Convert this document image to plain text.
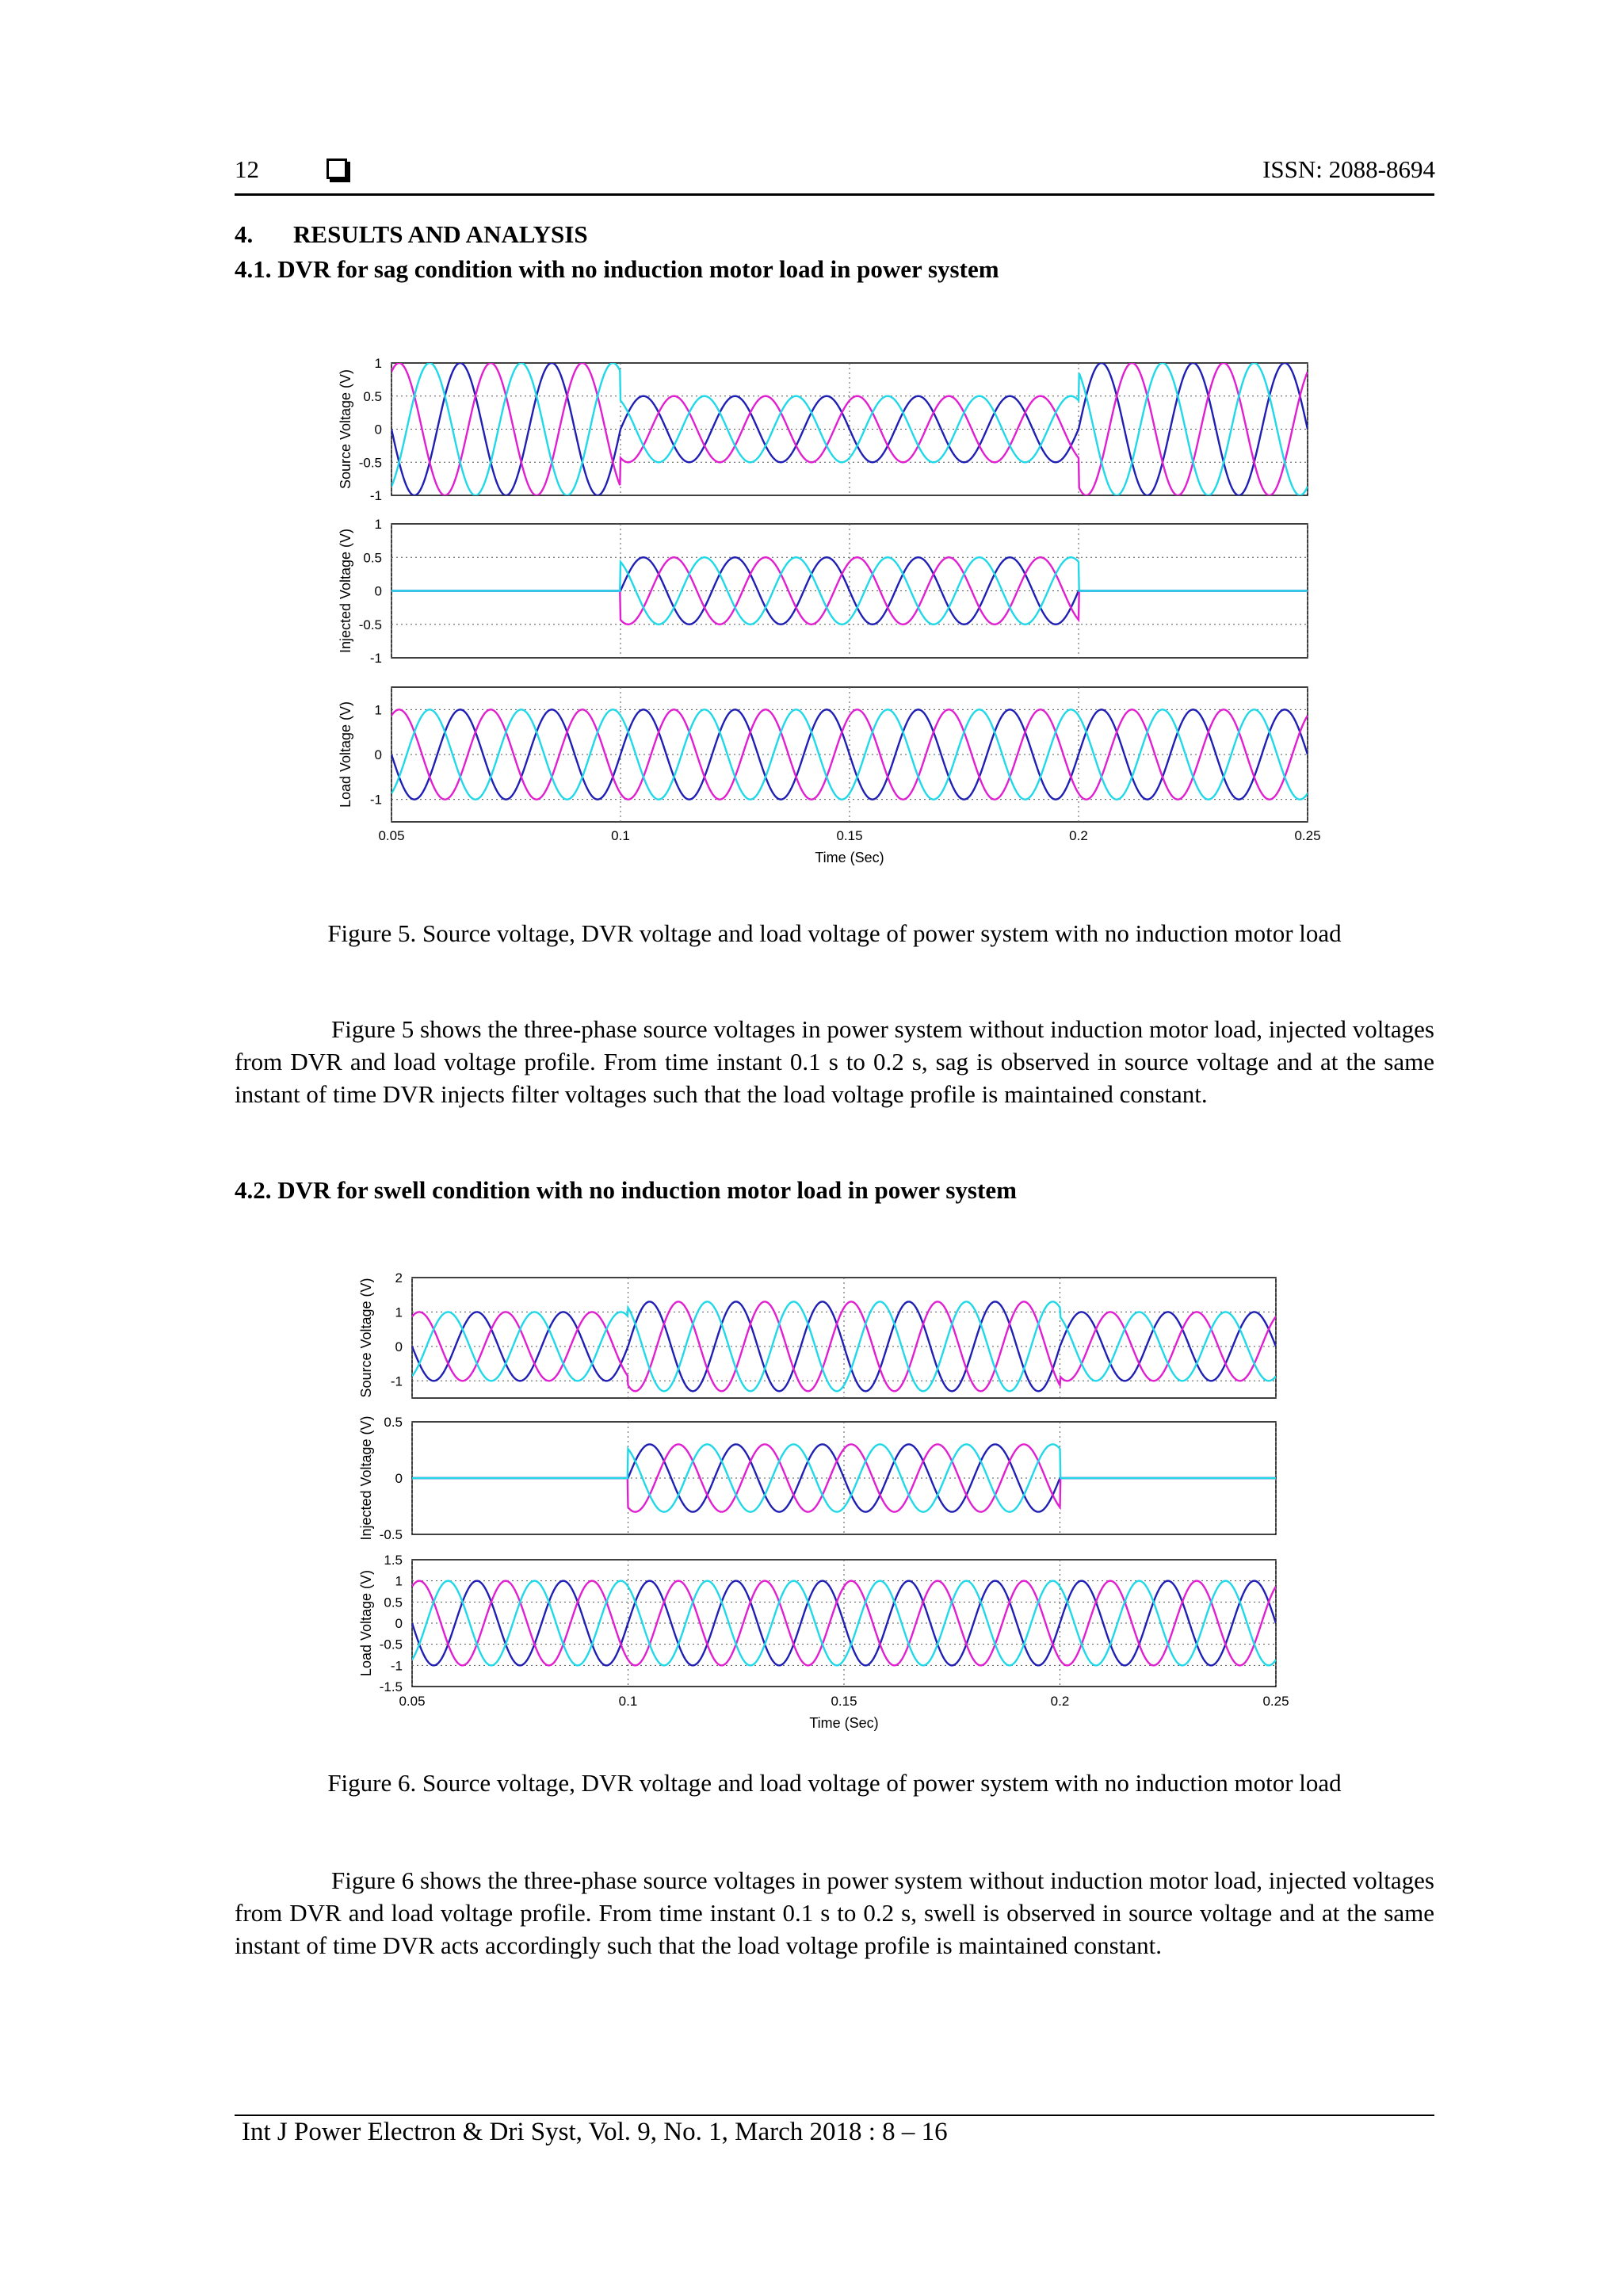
12	ISSN: 2088-8694
4. RESULTS AND ANALYSIS
4.1. DVR for sag condition with no induction motor load in power system
1
0.5
0
-0.5
-1
Source Voltage (V)
1
0.5
0
-0.5
-1
Injected Voltage (V)
1
0
-1
Load Voltage (V)
0.05	0.1	0.15	0.2	0.25
Time (Sec)
Figure 5. Source voltage, DVR voltage and load voltage of power system with no induction motor load

Figure 5 shows the three-phase source voltages in power system without induction motor load, injected voltages from DVR and load voltage profile. From time instant 0.1 s to 0.2 s, sag is observed in source voltage and at the same instant of time DVR injects filter voltages such that the load voltage profile is maintained constant.

4.2. DVR for swell condition with no induction motor load in power system
2
1
0
-1
Source Voltage (V)
0.5
0
-0.5
Injected Voltage (V)
1.5
1
0.5
0
-0.5
-1
-1.5
Load Voltage (V)
0.05	0.1	0.15	0.2	0.25
Time (Sec)
Figure 6. Source voltage, DVR voltage and load voltage of power system with no induction motor load

Figure 6 shows the three-phase source voltages in power system without induction motor load, injected voltages from DVR and load voltage profile. From time instant 0.1 s to 0.2 s, swell is observed in source voltage and at the same instant of time DVR acts accordingly such that the load voltage profile is maintained constant.

Int J Power Electron & Dri Syst, Vol. 9, No. 1, March 2018 : 8 – 16
